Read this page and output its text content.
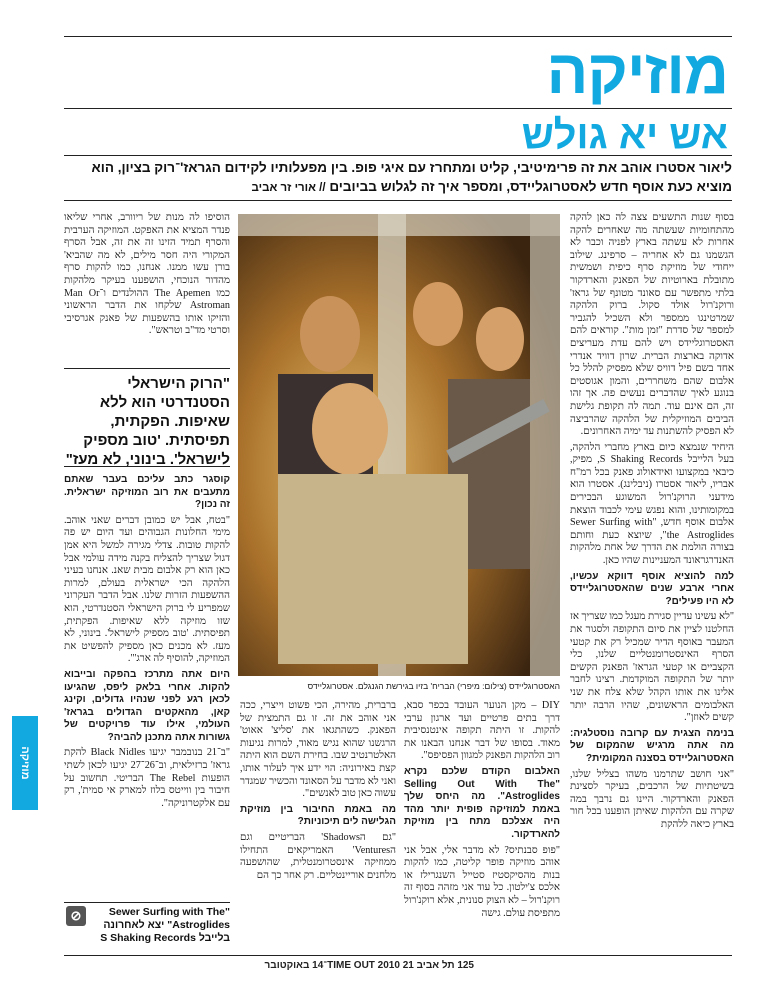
מוזיקה
אש יא גולש
ליאור אסטרו אוהב את זה פרימיטיבי, קליט ומתחרז עם איגי פופ. בין מפעלותיו לקידום הגראז'־רוק בציון, הוא מוציא כעת אוסף חדש לאסטרוגליידס, ומספר איך זה לגלוש בביובים // אורי זר אביב

בסוף שנות התשעים צצה לה כאן להקה מהתחומיות שעשתה מה שאחרים להקה אחרות לא עשתה בארץ לפניה וכבר לא הגשמנו גם לא אחריה – סרפינג. שילוב ייחודי של מוזיקת סרף כיפית ושמשית מתובלת בארוטיות של הפאנק והארדקור בלתי מתפשר עם סאונד מטונף של גראז' ורוקנ'רול אולד סקול. ברוק הלהקה שמרטינגו ממספר ולא השכיל להגביר למספר של סדרת "זמן מות". קוראים להם האסטרוגליידס ויש להם עדת מעריצים אדוקה בארצות הברית. שרון דוויד אנדרי אחד בשם פיל דוויס שלא מפסיק להלל כל אלבום שהם משחררים, והמון אגוסטים בנוגע לאיך שהדברים נעשים פה. אך זהו זה, הם אינם עוד. תמה לה תקופת גלישת הביבים המוזיקלית של הלהקה שהרביצה לא הפסיק להשתנות עד ימיה האחרונים.

היחיד שנמצא כיום בארץ מחברי הלהקה, בעל הלייבל S Shaking Records, מפיק, כיבאי במקצועו ואידאולוג פאנק בכל רמ"ח אבריו, ליאור אסטרו (ניבלינג). אסטרו הוא מידעני הרוקנ'רול המשוגע הבכירים במקומותינו, והוא נפגש עימי לכבוד הוצאת אלבום אוסף חדש, "Sewer Surfing with the Astroglides", שיוצא כעת וחותם בצורה הולמת את הדרך של אחת מלהקות האנדרגראונד המעניינות שהיו כאן.

למה להוציא אוסף דווקא עכשיו, אחרי ארבע שנים שהאסטרוגליידס לא היו פעילים?

"לא עשינו עדיין סגירת מעגל כמו שצריך אז החלטנו לציין את סיום התקופה ולסגור את המעבר באוסף הדיר שמכיל רק את קטעי הסרף האינסטרומנטליים שלנו, כלי הקצביים או קטעי הגראז' הפאנק הקשים יותר של התקופה המוקדמת. רצינו לחבר אלינו את אותו הקהל שלא צלח את שני האלבומים הראשונים, שהיו הרבה יותר קשים לאוזן".

בנימה הצגית עם קרובה נוסטלגיה: מה אתה מרגיש שהמקום של האסטרוגליידס בסצנה המקומית?

"אני חושב שתרמנו משהו בצליל שלנו, בשיטתיות של הרכבים, בעיקר לסצינת הפאנק והארדקור. היינו גם נרבך במה שקרה עם הלהקות שאיתן הופענו בכל חור בארץ כיאה ללהקת

האסטרוגליידס (צילום: מיפרי) הבריח' בזיו בגירשת הגנגלם. אסטרוגליידס

DIY – מקן הנוער העובד בכפר סבא, דרך בתים פרטיים ועד ארגון ערבי להקות. זו היתה תקופה אינטנסיבית מאוד. בסופו של דבר אנחנו הבאנו את רוב הלהקות הפאנק למגוון הפסיפס".

האלבום הקודם שלכם נקרא "Selling Out With The Astroglides". מה היחס שלך באמת למוזיקה פופית יותר מהד היה אצלכם מתח בין מוזיקת להארדקור.

"פופ סבנתיס? לא מדבר אלי, אבל אני אוהב מוזיקה פופר קליטה, כמו להקות בנות מהסיקסטיז סטייל השנגרילז או אלכס צ'ילטון. כל עוד אני מזהה בסוף זה רוקנ'רול – לא הצוק סנונית, אלא רוקנ'רול מתפיסת עולם. גישה

ברברית, מהירה, הכי פשוט וייצרי, ככה אני אוהב את זה. זו גם התמצית של הפאנק. כשהתגאו את 'סליצ' אאוט' הרגשנו שהוא נגיש מאוד, למרות נגיעות האלטרנטיב שבו. בחירת השם הוא היתה קצת באירוניה: הוי ידע איך לעלור אותו, ואני לא מדבר על הסאונד והכשיר שמגדר עשוה כאן טוב לאנשים".

מה באמת החיבור בין מוזיקת הגלישה לים תיכוניות?

"גם הShadows' הבריטיים וגם הVentures' האמריקאים התחילו ממוזיקה אינסטרומנטלית, שהושפעה מלחנים אוריינטליים. רק אחר כך הם

הוסיפו לה מנות של ריוורב, אחרי שליאו פנדר המציא את האפקט. המוזיקה הערבית והסרף תמיד הזינו זה את זה, אבל הסרף המקורי היה חסר מילים, לא מה שהביא' בורן עשו ממנו. אנחנו, כמו להקות סרף מהדור הנוכחי, הושפענו בעיקר מלהקות כמו The Apemen ההולנדים ו־Man Or Astroman שלקחו את הדבר הראשוני והזיקו אותו בהשפעות של פאנק אגרסיבי וסרטי מד"ב וטראש".

"הרוק הישראלי הסטנדרטי הוא ללא שאיפות. הפקתית, תפיסתית. 'טוב מספיק לישראל'. בינוני, לא מעז"

קוסגר כתב עליכם בעבר שאתם מתעבים את רוב המוזיקה ישראלית. זה נכון?

"בטח, אבל יש כמובן דברים שאני אוהב. מימי החלונות הגבוהים ועד היום יש פה להקות טובות. צדלי מגירה למשל היא אמן דגול שצריך להצליח בקנה מידה עולמי אבל כאן הוא רק אלבום מבית שאנ. אנחנו בעיני הלהקה הכי ישראלית בעולם, למרות ההשפעות הזרות שלנו. אבל הדבר העקרוני שמפריע לי ברוק הישראלי הסטנדרטי, הוא שזו מוזיקה ללא שאיפות. הפקתית, תפיסתית. 'טוב מספיק לישראל'. בינוני, לא מעז. לא מכנים כאן מספיק להפשיט את המוזיקה, להוסיף לה ארג'".

היום אתה מתרכז בהפקה ובייבוא להקות. אחרי בלאק ליפס, שהגיעו לכאן רגע לפני שנהיו גדולים, וקינג קאן, מהאקטים הגדולים בגראז' העולמי, אילו עוד פרויקטים של גשורות אתה מתכנן להביה?

"ב־21 בנובמבר יגיעו Black Nidles להקת גראז' ברזילאית, וב־26־27 יגיעו לכאן לשתי הופעות The Rebel הבריטי. תחשוב על חיבור בין ווייטס בלוז למארק אי סמית', רק עם אלקטרוניקה".

⊘	"Sewer Surfing with The Astroglides" יצא לאחרונה בלייבל S Shaking Records
מוזיקה
125 תל אביב TIME OUT 2010 21־14 באוקטובר
